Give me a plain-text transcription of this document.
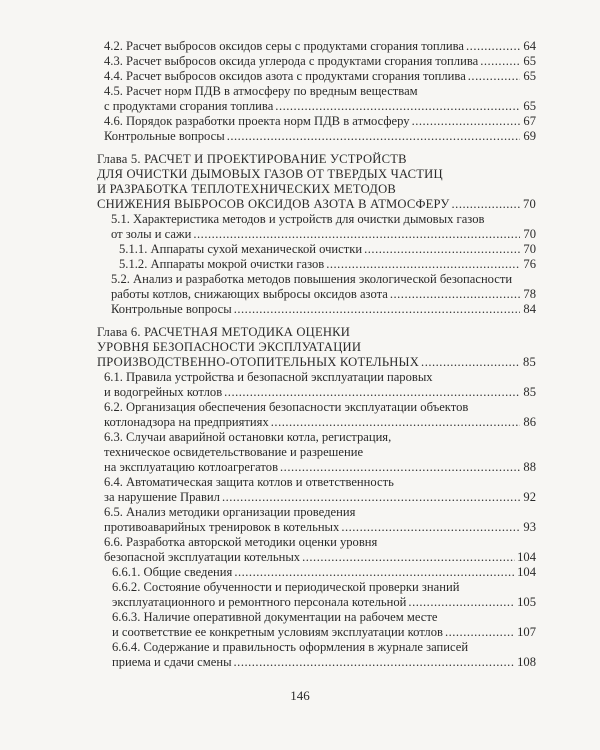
4.2. Расчет выбросов оксидов серы с продуктами сгорания топлива .....	64
4.3. Расчет выбросов оксида углерода с продуктами сгорания топлива .....	65
4.4. Расчет выбросов оксидов азота с продуктами сгорания топлива .....	65
4.5. Расчет норм ПДВ в атмосферу по вредным веществам
с продуктами сгорания топлива .....	65
4.6. Порядок разработки проекта норм ПДВ в атмосферу .....	67
Контрольные вопросы .....	69
Глава 5. РАСЧЕТ И ПРОЕКТИРОВАНИЕ УСТРОЙСТВ
ДЛЯ ОЧИСТКИ ДЫМОВЫХ ГАЗОВ ОТ ТВЕРДЫХ ЧАСТИЦ
И РАЗРАБОТКА ТЕПЛОТЕХНИЧЕСКИХ МЕТОДОВ
СНИЖЕНИЯ ВЫБРОСОВ ОКСИДОВ АЗОТА В АТМОСФЕРУ .....	70
5.1. Характеристика методов и устройств для очистки дымовых газов
от золы и сажи .....	70
5.1.1. Аппараты сухой механической очистки .....	70
5.1.2. Аппараты мокрой очистки газов .....	76
5.2. Анализ и разработка методов повышения экологической безопасности
работы котлов, снижающих выбросы оксидов азота .....	78
Контрольные вопросы .....	84
Глава 6. РАСЧЕТНАЯ МЕТОДИКА ОЦЕНКИ
УРОВНЯ БЕЗОПАСНОСТИ ЭКСПЛУАТАЦИИ
ПРОИЗВОДСТВЕННО-ОТОПИТЕЛЬНЫХ КОТЕЛЬНЫХ .....	85
6.1. Правила устройства и безопасной эксплуатации паровых
и водогрейных котлов .....	85
6.2. Организация обеспечения безопасности эксплуатации объектов
котлонадзора на предприятиях .....	86
6.3. Случаи аварийной остановки котла, регистрация,
техническое освидетельствование и разрешение
на эксплуатацию котлоагрегатов .....	88
6.4. Автоматическая защита котлов и ответственность
за нарушение Правил .....	92
6.5. Анализ методики организации проведения
противоаварийных тренировок в котельных .....	93
6.6. Разработка авторской методики оценки уровня
безопасной эксплуатации котельных .....	104
6.6.1. Общие сведения .....	104
6.6.2. Состояние обученности и периодической проверки знаний
эксплуатационного и ремонтного персонала котельной .....	105
6.6.3. Наличие оперативной документации на рабочем месте
и соответствие ее конкретным условиям эксплуатации котлов .....	107
6.6.4. Содержание и правильность оформления в журнале записей
приема и сдачи смены .....	108
146
